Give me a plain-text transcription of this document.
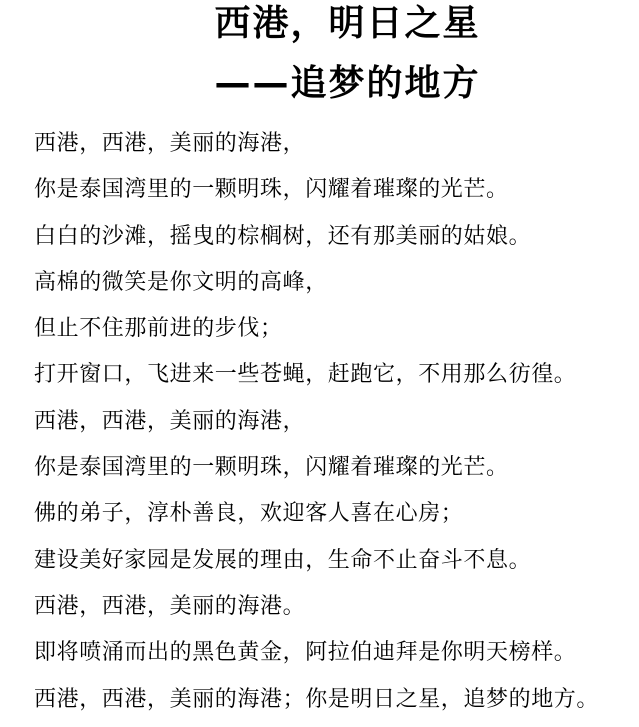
西港，明日之星
——追梦的地方
西港，西港，美丽的海港，
你是泰国湾里的一颗明珠，闪耀着璀璨的光芒。
白白的沙滩，摇曳的棕榈树，还有那美丽的姑娘。
高棉的微笑是你文明的高峰，
但止不住那前进的步伐；
打开窗口，飞进来一些苍蝇，赶跑它，不用那么彷徨。
西港，西港，美丽的海港，
你是泰国湾里的一颗明珠，闪耀着璀璨的光芒。
佛的弟子，淳朴善良，欢迎客人喜在心房；
建设美好家园是发展的理由，生命不止奋斗不息。
西港，西港，美丽的海港。
即将喷涌而出的黑色黄金，阿拉伯迪拜是你明天榜样。
西港，西港，美丽的海港；你是明日之星，追梦的地方。
